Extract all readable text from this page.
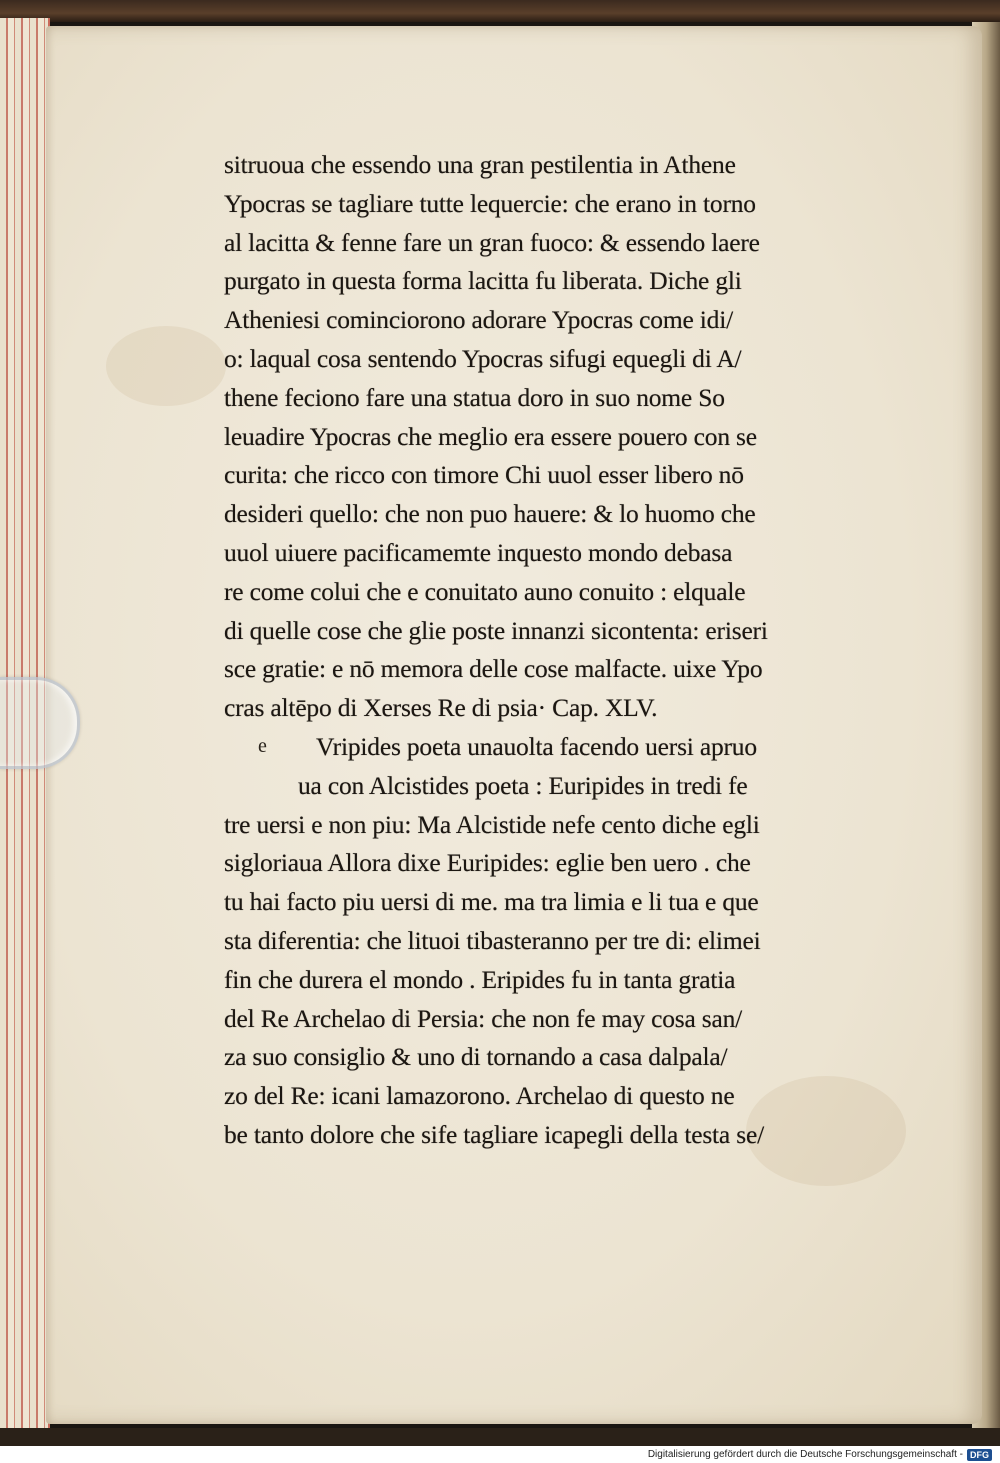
e
sitruoua che essendo una gran pestilentia in Athene
Ypocras se tagliare tutte lequercie: che erano in torno
al lacitta & fenne fare un gran fuoco: & essendo laere
purgato in questa forma lacitta fu liberata. Diche gli
Atheniesi cominciorono adorare Ypocras come idi/
o: laqual cosa sentendo Ypocras sifugi equegli di A/
thene feciono fare una statua doro in suo nome So
leuadire Ypocras che meglio era essere pouero con se
curita: che ricco con timore Chi uuol esser libero nō
desideri quello: che non puo hauere: & lo huomo che
uuol uiuere pacificamemte inquesto mondo debasa
re come colui che e conuitato auno conuito : elquale
di quelle cose che glie poste innanzi sicontenta: eriseri
sce gratie: e nō memora delle cose malfacte. uixe Ypo
cras altēpo di Xerses Re di psia· Cap. XLV.
Vripides poeta unauolta facendo uersi apruo
ua con Alcistides poeta : Euripides in tredi fe
tre uersi e non piu: Ma Alcistide nefe cento diche egli
sigloriaua Allora dixe Euripides: eglie ben uero . che
tu hai facto piu uersi di me. ma tra limia e li tua e que
sta diferentia: che lituoi tibasteranno per tre di: elimei
fin che durera el mondo . Eripides fu in tanta gratia
del Re Archelao di Persia: che non fe may cosa san/
za suo consiglio & uno di tornando a casa dalpala/
zo del Re: icani lamazorono. Archelao di questo ne
be tanto dolore che sife tagliare icapegli della testa se/
Digitalisierung gefördert durch die Deutsche Forschungsgemeinschaft - DFG
